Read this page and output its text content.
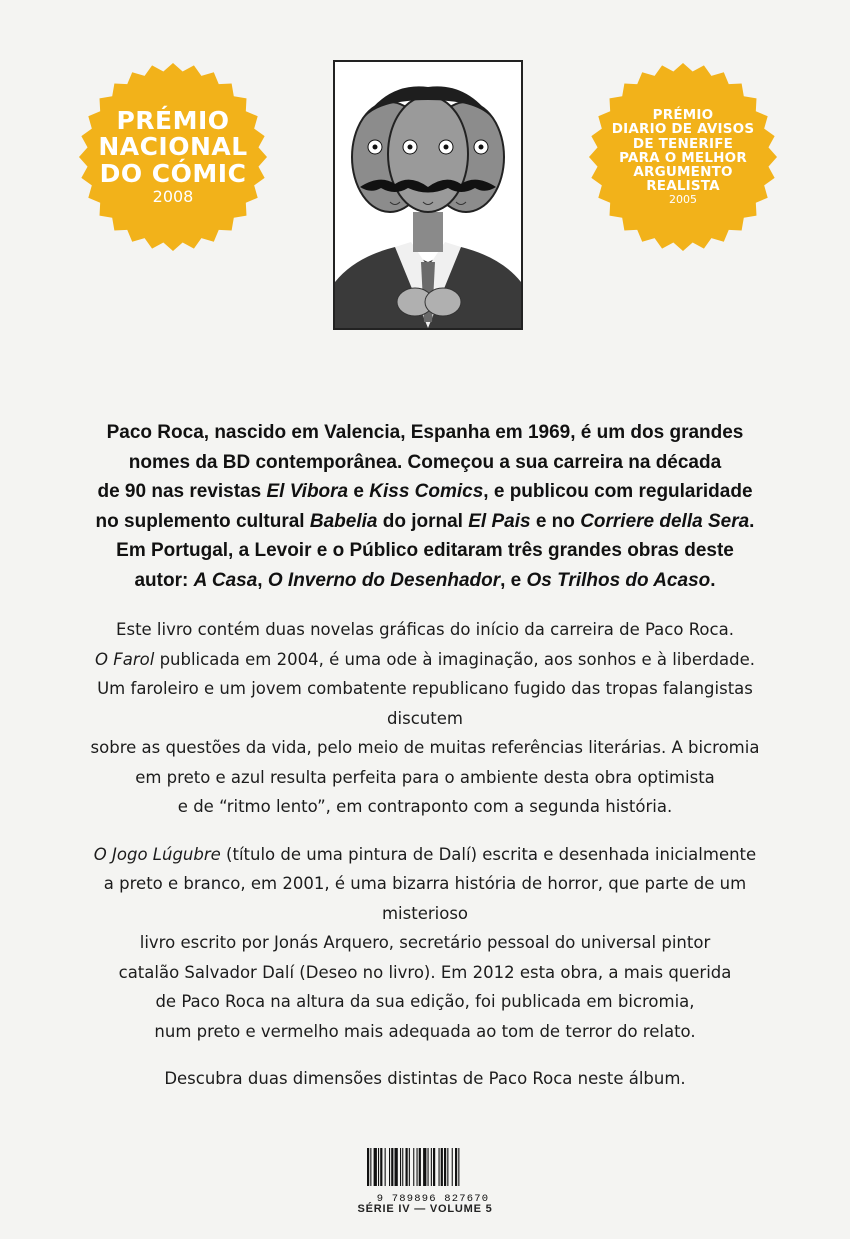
PRÉMIO
NACIONAL
DO CÓMIC
2008
PRÉMIO
DIARIO DE AVISOS
DE TENERIFE
PARA O MELHOR
ARGUMENTO
REALISTA
2005
Paco Roca, nascido em Valencia, Espanha em 1969, é um dos grandes
nomes da BD contemporânea. Começou a sua carreira na década
de 90 nas revistas El Vibora e Kiss Comics, e publicou com regularidade
no suplemento cultural Babelia do jornal El Pais e no Corriere della Sera.
Em Portugal, a Levoir e o Público editaram três grandes obras deste
autor: A Casa, O Inverno do Desenhador, e Os Trilhos do Acaso.
Este livro contém duas novelas gráficas do início da carreira de Paco Roca.
O Farol publicada em 2004, é uma ode à imaginação, aos sonhos e à liberdade.
Um faroleiro e um jovem combatente republicano fugido das tropas falangistas discutem
sobre as questões da vida, pelo meio de muitas referências literárias. A bicromia
em preto e azul resulta perfeita para o ambiente desta obra optimista
e de “ritmo lento”, em contraponto com a segunda história.
O Jogo Lúgubre (título de uma pintura de Dalí) escrita e desenhada inicialmente
a preto e branco, em 2001, é uma bizarra história de horror, que parte de um misterioso
livro escrito por Jonás Arquero, secretário pessoal do universal pintor
catalão Salvador Dalí (Deseo no livro). Em 2012 esta obra, a mais querida
de Paco Roca na altura da sua edição, foi publicada em bicromia,
num preto e vermelho mais adequada ao tom de terror do relato.
Descubra duas dimensões distintas de Paco Roca neste álbum.
9 789896 827670
SÉRIE IV — VOLUME 5
